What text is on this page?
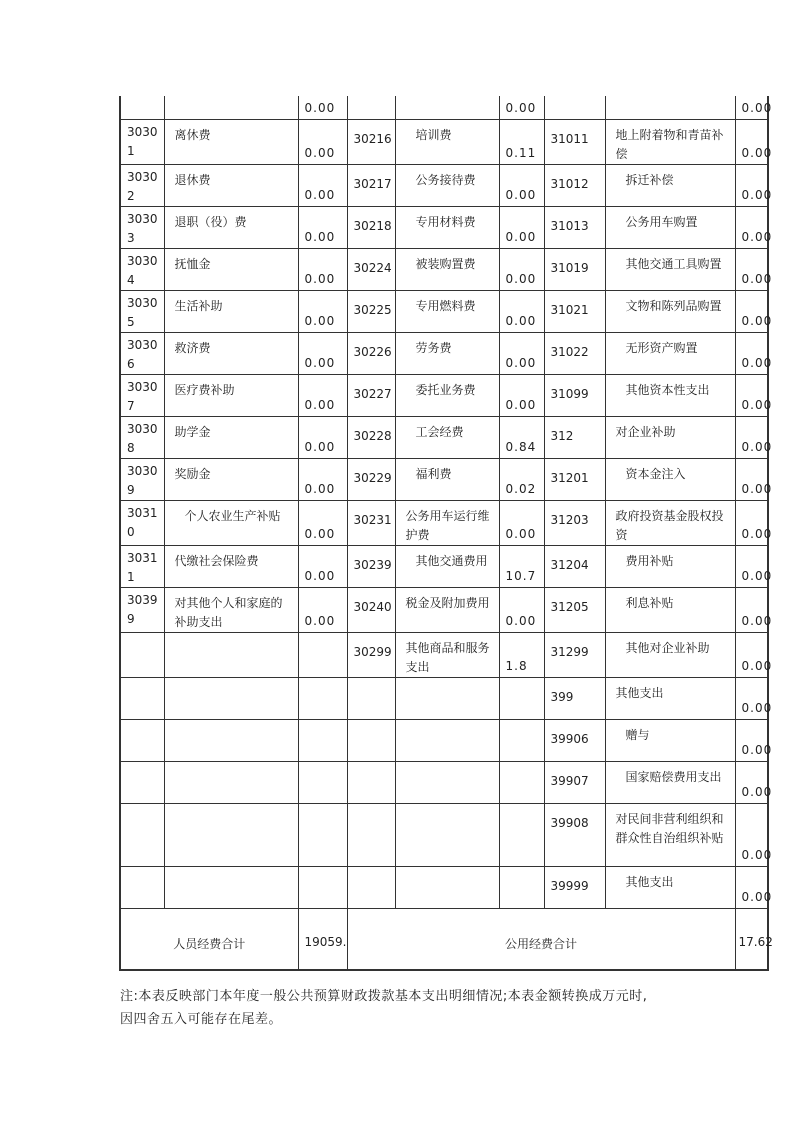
		0.00			0.00			0.00

30301	离休费	0.00	30216	培训费	0.11	31011	地上附着物和青苗补偿	0.00

30302	退休费	0.00	30217	公务接待费	0.00	31012	拆迁补偿	0.00

30303	退职（役）费	0.00	30218	专用材料费	0.00	31013	公务用车购置	0.00

30304	抚恤金	0.00	30224	被装购置费	0.00	31019	其他交通工具购置	0.00

30305	生活补助	0.00	30225	专用燃料费	0.00	31021	文物和陈列品购置	0.00

30306	救济费	0.00	30226	劳务费	0.00	31022	无形资产购置	0.00

30307	医疗费补助	0.00	30227	委托业务费	0.00	31099	其他资本性支出	0.00

30308	助学金	0.00	30228	工会经费	0.84	312	对企业补助	0.00

30309	奖励金	0.00	30229	福利费	0.02	31201	资本金注入	0.00

30310	个人农业生产补贴	0.00	30231	公务用车运行维护费	0.00	31203	政府投资基金股权投资	0.00

30311	代缴社会保险费	0.00	30239	其他交通费用	10.7	31204	费用补贴	0.00

30399	对其他个人和家庭的补助支出	0.00	30240	税金及附加费用	0.00	31205	利息补贴	0.00

			30299	其他商品和服务支出	1.8	31299	其他对企业补助	0.00

						399	其他支出	0.00

						39906	赠与	0.00

						39907	国家赔偿费用支出	0.00

						39908	对民间非营利组织和群众性自治组织补贴	0.00

						39999	其他支出	0.00

人员经费合计		19059.	公用经费合计					17.62
注:本表反映部门本年度一般公共预算财政拨款基本支出明细情况;本表金额转换成万元时,
因四舍五入可能存在尾差。
